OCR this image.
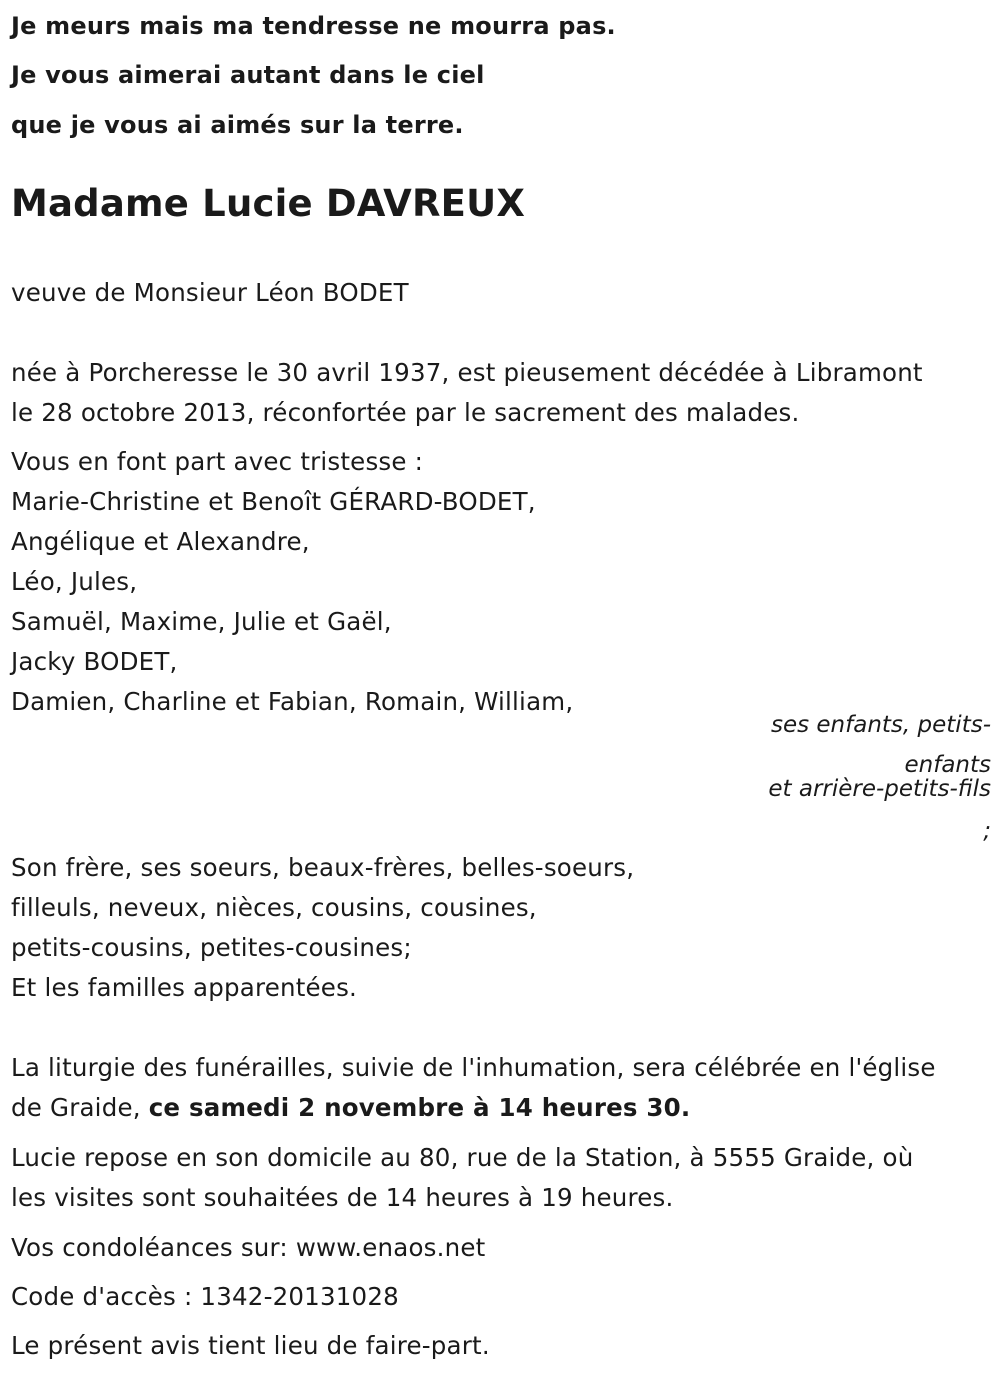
Je meurs mais ma tendresse ne mourra pas.
Je vous aimerai autant dans le ciel
que je vous ai aimés sur la terre.
Madame Lucie DAVREUX
veuve de Monsieur Léon BODET
née à Porcheresse le 30 avril 1937, est pieusement décédée à Libramont
le 28 octobre 2013, réconfortée par le sacrement des malades.
Vous en font part avec tristesse :
Marie-Christine et Benoît GÉRARD-BODET,
Angélique et Alexandre,
Léo, Jules,
Samuël, Maxime, Julie et Gaël,
Jacky BODET,
Damien, Charline et Fabian, Romain, William,
ses enfants, petits-
enfants
et arrière-petits-fils
;
Son frère, ses soeurs, beaux-frères, belles-soeurs,
filleuls, neveux, nièces, cousins, cousines,
petits-cousins, petites-cousines;
Et les familles apparentées.
La liturgie des funérailles, suivie de l'inhumation, sera célébrée en l'église
de Graide, ce samedi 2 novembre à 14 heures 30.
Lucie repose en son domicile au 80, rue de la Station, à 5555 Graide, où
les visites sont souhaitées de 14 heures à 19 heures.
Vos condoléances sur: www.enaos.net
Code d'accès : 1342-20131028
Le présent avis tient lieu de faire-part.
